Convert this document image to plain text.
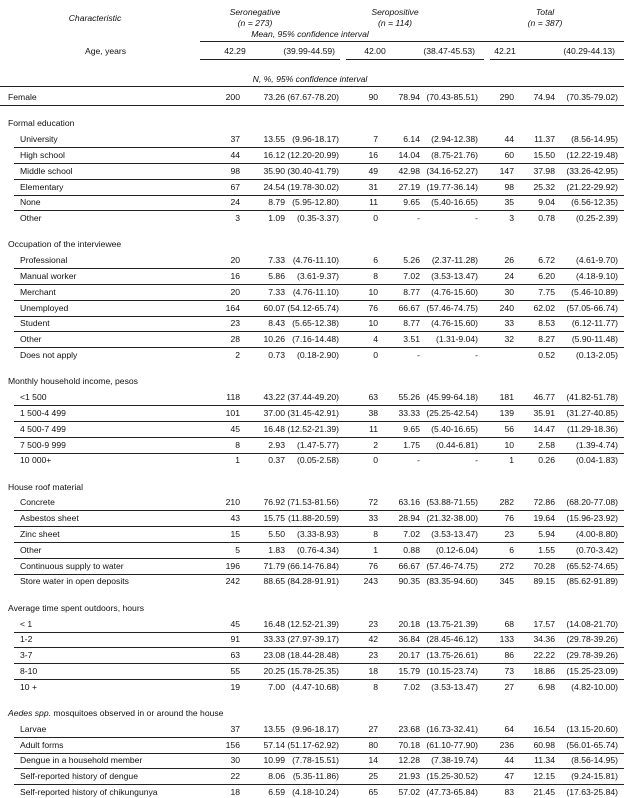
Characteristic
Seronegative
(n = 273)
Seropositive
(n = 114)
Total
(n = 387)
Mean, 95% confidence interval
Age, years	42.29	(39.99-44.59)	42.00	(38.47-45.53)	42.21	(40.29-44.13)
N, %, 95% confidence interval
Female	200	73.26 (67.67-78.20)	90	78.94 (70.43-85.51)	290	74.94	(70.35-79.02)
Formal education
University	37	13.55 (9.96-18.17)	7	6.14	(2.94-12.38)	44	11.37	(8.56-14.95)
High school	44	16.12 (12.20-20.99)	16	14.04	(8.75-21.76)	60	15.50	(12.22-19.48)
Middle school	98	35.90 (30.40-41.79)	49	42.98 (34.16-52.27)	147	37.98	(33.26-42.95)
Elementary	67	24.54 (19.78-30.02)	31	27.19 (19.77-36.14)	98	25.32	(21.22-29.92)
None	24	8.79 (5.95-12.80)	11	9.65	(5.40-16.65)	35	9.04	(6.56-12.35)
Other	3	1.09	(0.35-3.37)	0	-	-	3	0.78	(0.25-2.39)
Occupation of the interviewee
Professional	20	7.33 (4.76-11.10)	6	5.26	(2.37-11.28)	26	6.72	(4.61-9.70)
Manual worker	16	5.86	(3.61-9.37)	8	7.02	(3.53-13.47)	24	6.20	(4.18-9.10)
Merchant	20	7.33 (4.76-11.10)	10	8.77	(4.76-15.60)	30	7.75	(5.46-10.89)
Unemployed	164	60.07 (54.12-65.74)	76	66.67 (57.46-74.75)	240	62.02	(57.05-66.74)
Student	23	8.43 (5.65-12.38)	10	8.77	(4.76-15.60)	33	8.53	(6.12-11.77)
Other	28	10.26 (7.16-14.48)	4	3.51	(1.31-9.04)	32	8.27	(5.90-11.48)
Does not apply	2	0.73	(0.18-2.90)	0	-	-	0.52	(0.13-2.05)
Monthly household income, pesos
<1 500	118	43.22 (37.44-49.20)	63	55.26 (45.99-64.18)	181	46.77	(41.82-51.78)
1 500-4 499	101	37.00 (31.45-42.91)	38	33.33 (25.25-42.54)	139	35.91	(31.27-40.85)
4 500-7 499	45	16.48 (12.52-21.39)	11	9.65	(5.40-16.65)	56	14.47	(11.29-18.36)
7 500-9 999	8	2.93	(1.47-5.77)	2	1.75	(0.44-6.81)	10	2.58	(1.39-4.74)
10 000+	1	0.37	(0.05-2.58)	0	-	-	1	0.26	(0.04-1.83)
House roof material
Concrete	210	76.92 (71.53-81.56)	72	63.16 (53.88-71.55)	282	72.86	(68.20-77.08)
Asbestos sheet	43	15.75 (11.88-20.59)	33	28.94 (21.32-38.00)	76	19.64	(15.96-23.92)
Zinc sheet	15	5.50	(3.33-8.93)	8	7.02	(3.53-13.47)	23	5.94	(4.00-8.80)
Other	5	1.83	(0.76-4.34)	1	0.88	(0.12-6.04)	6	1.55	(0.70-3.42)
Continuous supply to water	196	71.79 (66.14-76.84)	76	66.67 (57.46-74.75)	272	70.28	(65.52-74.65)
Store water in open deposits	242	88.65 (84.28-91.91)	243	90.35 (83.35-94.60)	345	89.15	(85.62-91.89)
Average time spent outdoors, hours
< 1	45	16.48 (12.52-21.39)	23	20.18 (13.75-21.39)	68	17.57	(14.08-21.70)
1-2	91	33.33 (27.97-39.17)	42	36.84 (28.45-46.12)	133	34.36	(29.78-39.26)
3-7	63	23.08 (18.44-28.48)	23	20.17 (13.75-26.61)	86	22.22	(29.78-39.26)
8-10	55	20.25 (15.78-25.35)	18	15.79 (10.15-23.74)	73	18.86	(15.25-23.09)
10 +	19	7.00 (4.47-10.68)	8	7.02	(3.53-13.47)	27	6.98	(4.82-10.00)
Aedes spp. mosquitoes observed in or around the house
Larvae	37	13.55 (9.96-18.17)	27	23.68 (16.73-32.41)	64	16.54	(13.15-20.60)
Adult forms	156	57.14 (51.17-62.92)	80	70.18 (61.10-77.90)	236	60.98	(56.01-65.74)
Dengue in a household member	30	10.99 (7.78-15.51)	14	12.28	(7.38-19.74)	44	11.34	(8.56-14.95)
Self-reported history of dengue	22	8.06 (5.35-11.86)	25	21.93 (15.25-30.52)	47	12.15	(9.24-15.81)
Self-reported history of chikungunya	18	6.59 (4.18-10.24)	65	57.02 (47.73-65.84)	83	21.45	(17.63-25.84)
